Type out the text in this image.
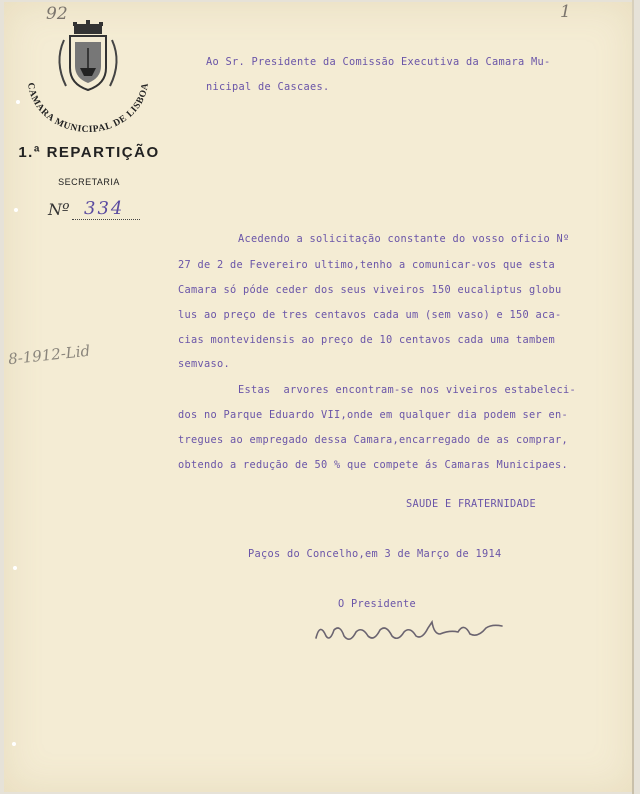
92	1
8-1912-Lid
CAMARA MUNICIPAL DE LISBOA
1.ª REPARTIÇÃO
SECRETARIA
Nº 334
Ao Sr. Presidente da Comissão Executiva da Camara Mu-
nicipal de Cascaes.
Acedendo a solicitação constante do vosso oficio Nº
27 de 2 de Fevereiro ultimo,tenho a comunicar-vos que esta
Camara só póde ceder dos seus viveiros 150 eucaliptus globu
lus ao preço de tres centavos cada um (sem vaso) e 150 aca-
cias montevidensis ao preço de 10 centavos cada uma tambem
semvaso.
Estas  arvores encontram-se nos viveiros estabeleci-
dos no Parque Eduardo VII,onde em qualquer dia podem ser en-
tregues ao empregado dessa Camara,encarregado de as comprar,
obtendo a redução de 50 % que compete ás Camaras Municipaes.
SAUDE E FRATERNIDADE
Paços do Concelho,em 3 de Março de 1914
O Presidente
